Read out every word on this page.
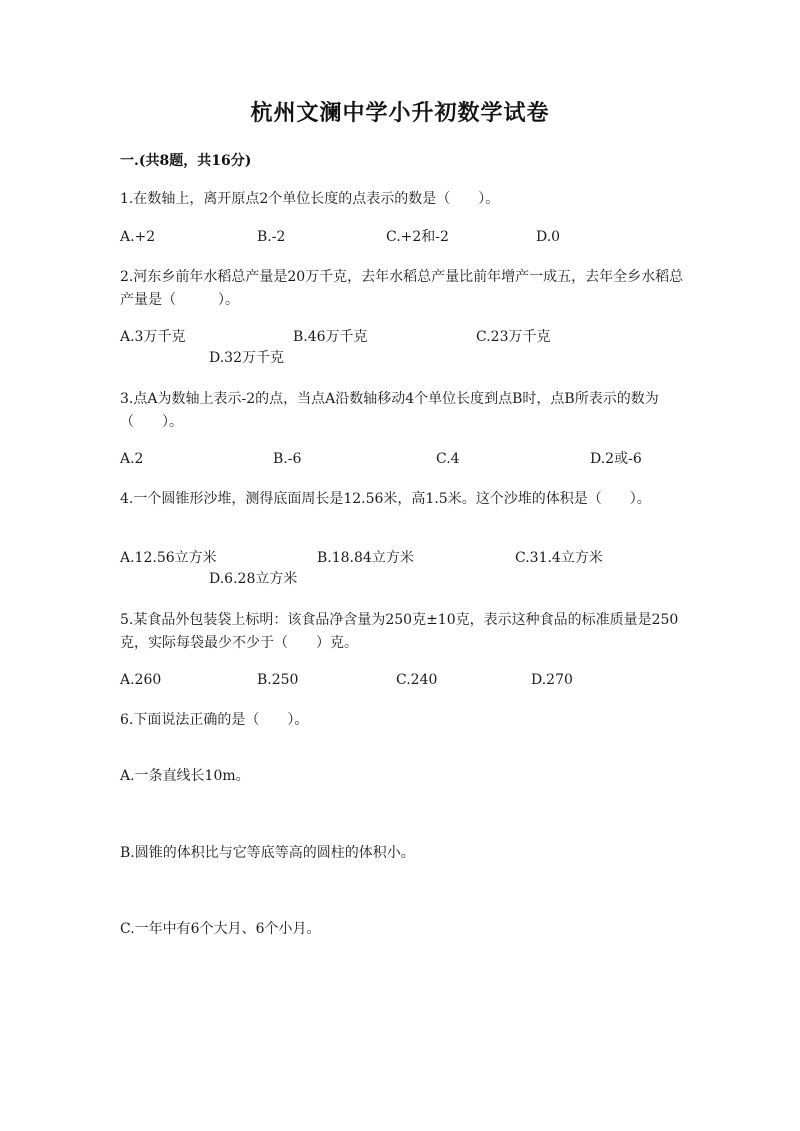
杭州文澜中学小升初数学试卷
一.(共8题，共16分)
1.在数轴上，离开原点2个单位长度的点表示的数是（　　）。
A.+2	B.-2	C.+2和-2	D.0
2.河东乡前年水稻总产量是20万千克，去年水稻总产量比前年增产一成五，去年全乡水稻总产量是（　　　）。
A.3万千克	B.46万千克	C.23万千克
D.32万千克
3.点A为数轴上表示-2的点，当点A沿数轴移动4个单位长度到点B时，点B所表示的数为（　　）。
A.2	B.-6	C.4	D.2或-6
4.一个圆锥形沙堆，测得底面周长是12.56米，高1.5米。这个沙堆的体积是（　　）。
A.12.56立方米	B.18.84立方米	C.31.4立方米
D.6.28立方米
5.某食品外包装袋上标明：该食品净含量为250克±10克，表示这种食品的标准质量是250克，实际每袋最少不少于（　　）克。
A.260	B.250	C.240	D.270
6.下面说法正确的是（　　）。
A.一条直线长10m。
B.圆锥的体积比与它等底等高的圆柱的体积小。
C.一年中有6个大月、6个小月。
